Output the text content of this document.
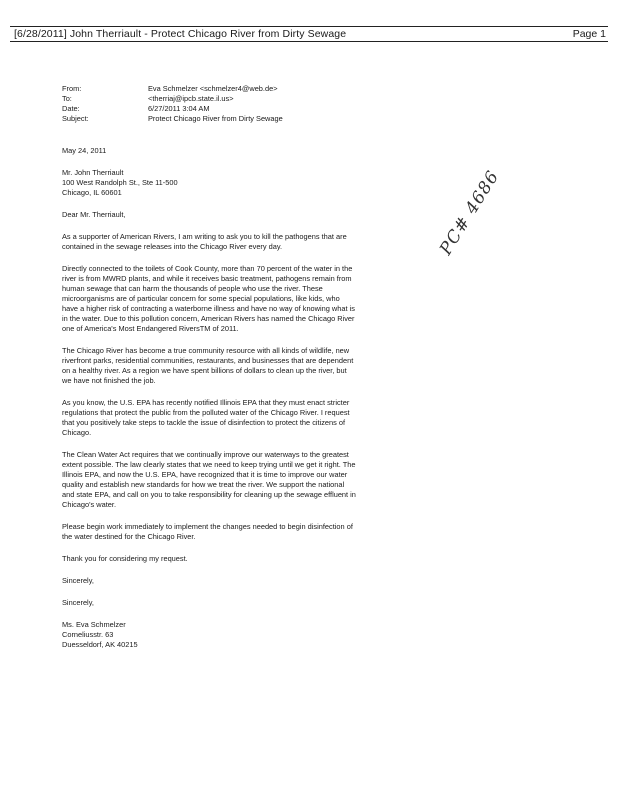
[6/28/2011] John Therriault - Protect Chicago River from Dirty Sewage	Page 1
From:	Eva Schmelzer <schmelzer4@web.de>
To:	<therriaj@ipcb.state.il.us>
Date:	6/27/2011 3:04 AM
Subject:	Protect Chicago River from Dirty Sewage

May 24, 2011

Mr. John Therriault
100 West Randolph St., Ste 11-500
Chicago, IL 60601

Dear Mr. Therriault,

As a supporter of American Rivers, I am writing to ask you to kill the pathogens that are contained in the sewage releases into the Chicago River every day.

Directly connected to the toilets of Cook County, more than 70 percent of the water in the river is from MWRD plants, and while it receives basic treatment, pathogens remain from human sewage that can harm the thousands of people who use the river. These microorganisms are of particular concern for some special populations, like kids, who have a higher risk of contracting a waterborne illness and have no way of knowing what is in the water. Due to this pollution concern, American Rivers has named the Chicago River one of America's Most Endangered RiversTM of 2011.

The Chicago River has become a true community resource with all kinds of wildlife, new riverfront parks, residential communities, restaurants, and businesses that are dependent on a healthy river. As a region we have spent billions of dollars to clean up the river, but we have not finished the job.

As you know, the U.S. EPA has recently notified Illinois EPA that they must enact stricter regulations that protect the public from the polluted water of the Chicago River. I request that you positively take steps to tackle the issue of disinfection to protect the citizens of Chicago.

The Clean Water Act requires that we continually improve our waterways to the greatest extent possible. The law clearly states that we need to keep trying until we get it right. The Illinois EPA, and now the U.S. EPA, have recognized that it is time to improve our water quality and establish new standards for how we treat the river. We support the national and state EPA, and call on you to take responsibility for cleaning up the sewage effluent in Chicago's water.

Please begin work immediately to implement the changes needed to begin disinfection of the water destined for the Chicago River.

Thank you for considering my request.

Sincerely,

Sincerely,

Ms. Eva Schmelzer
Corneliusstr. 63
Duesseldorf, AK 40215
PC# 4686
